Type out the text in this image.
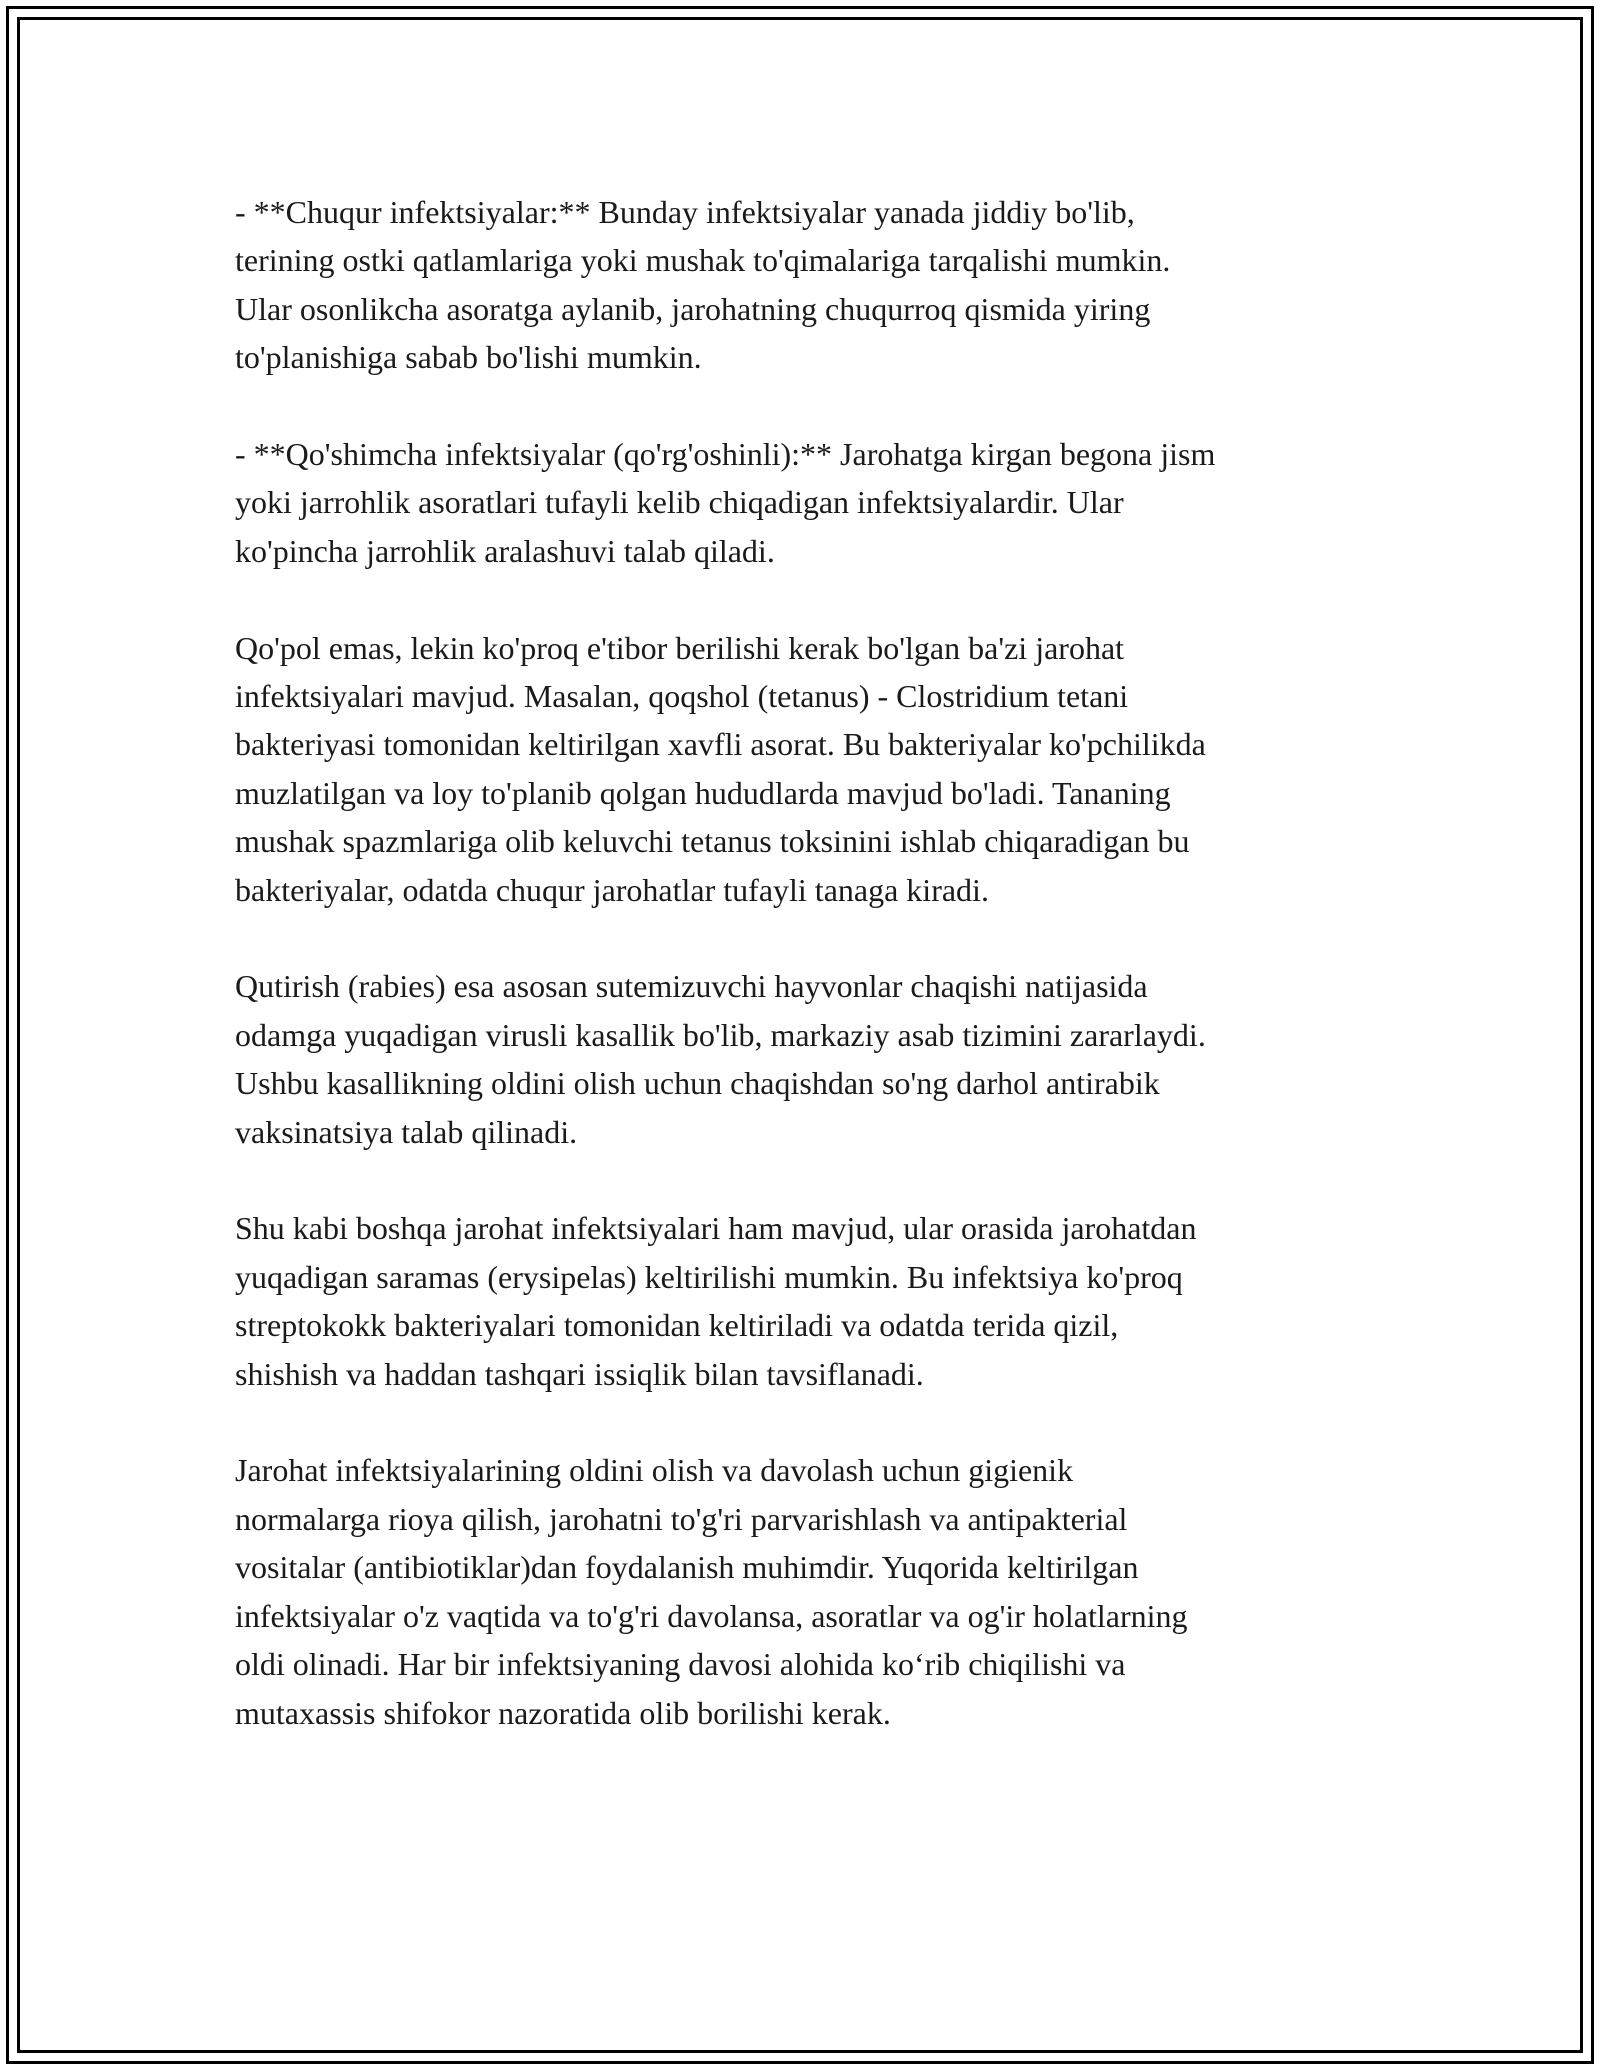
- **Chuqur infektsiyalar:** Bunday infektsiyalar yanada jiddiy bo'lib,
terining ostki qatlamlariga yoki mushak to'qimalariga tarqalishi mumkin.
Ular osonlikcha asoratga aylanib, jarohatning chuqurroq qismida yiring
to'planishiga sabab bo'lishi mumkin.

- **Qo'shimcha infektsiyalar (qo'rg'oshinli):** Jarohatga kirgan begona jism
yoki jarrohlik asoratlari tufayli kelib chiqadigan infektsiyalardir. Ular
ko'pincha jarrohlik aralashuvi talab qiladi.

Qo'pol emas, lekin ko'proq e'tibor berilishi kerak bo'lgan ba'zi jarohat
infektsiyalari mavjud. Masalan, qoqshol (tetanus) - Clostridium tetani
bakteriyasi tomonidan keltirilgan xavfli asorat. Bu bakteriyalar ko'pchilikda
muzlatilgan va loy to'planib qolgan hududlarda mavjud bo'ladi. Tananing
mushak spazmlariga olib keluvchi tetanus toksinini ishlab chiqaradigan bu
bakteriyalar, odatda chuqur jarohatlar tufayli tanaga kiradi.

Qutirish (rabies) esa asosan sutemizuvchi hayvonlar chaqishi natijasida
odamga yuqadigan virusli kasallik bo'lib, markaziy asab tizimini zararlaydi.
Ushbu kasallikning oldini olish uchun chaqishdan so'ng darhol antirabik
vaksinatsiya talab qilinadi.

Shu kabi boshqa jarohat infektsiyalari ham mavjud, ular orasida jarohatdan
yuqadigan saramas (erysipelas) keltirilishi mumkin. Bu infektsiya ko'proq
streptokokk bakteriyalari tomonidan keltiriladi va odatda terida qizil,
shishish va haddan tashqari issiqlik bilan tavsiflanadi.

Jarohat infektsiyalarining oldini olish va davolash uchun gigienik
normalarga rioya qilish, jarohatni to'g'ri parvarishlash va antipakterial
vositalar (antibiotiklar)dan foydalanish muhimdir. Yuqorida keltirilgan
infektsiyalar o'z vaqtida va to'g'ri davolansa, asoratlar va og'ir holatlarning
oldi olinadi. Har bir infektsiyaning davosi alohida ko‘rib chiqilishi va
mutaxassis shifokor nazoratida olib borilishi kerak.
